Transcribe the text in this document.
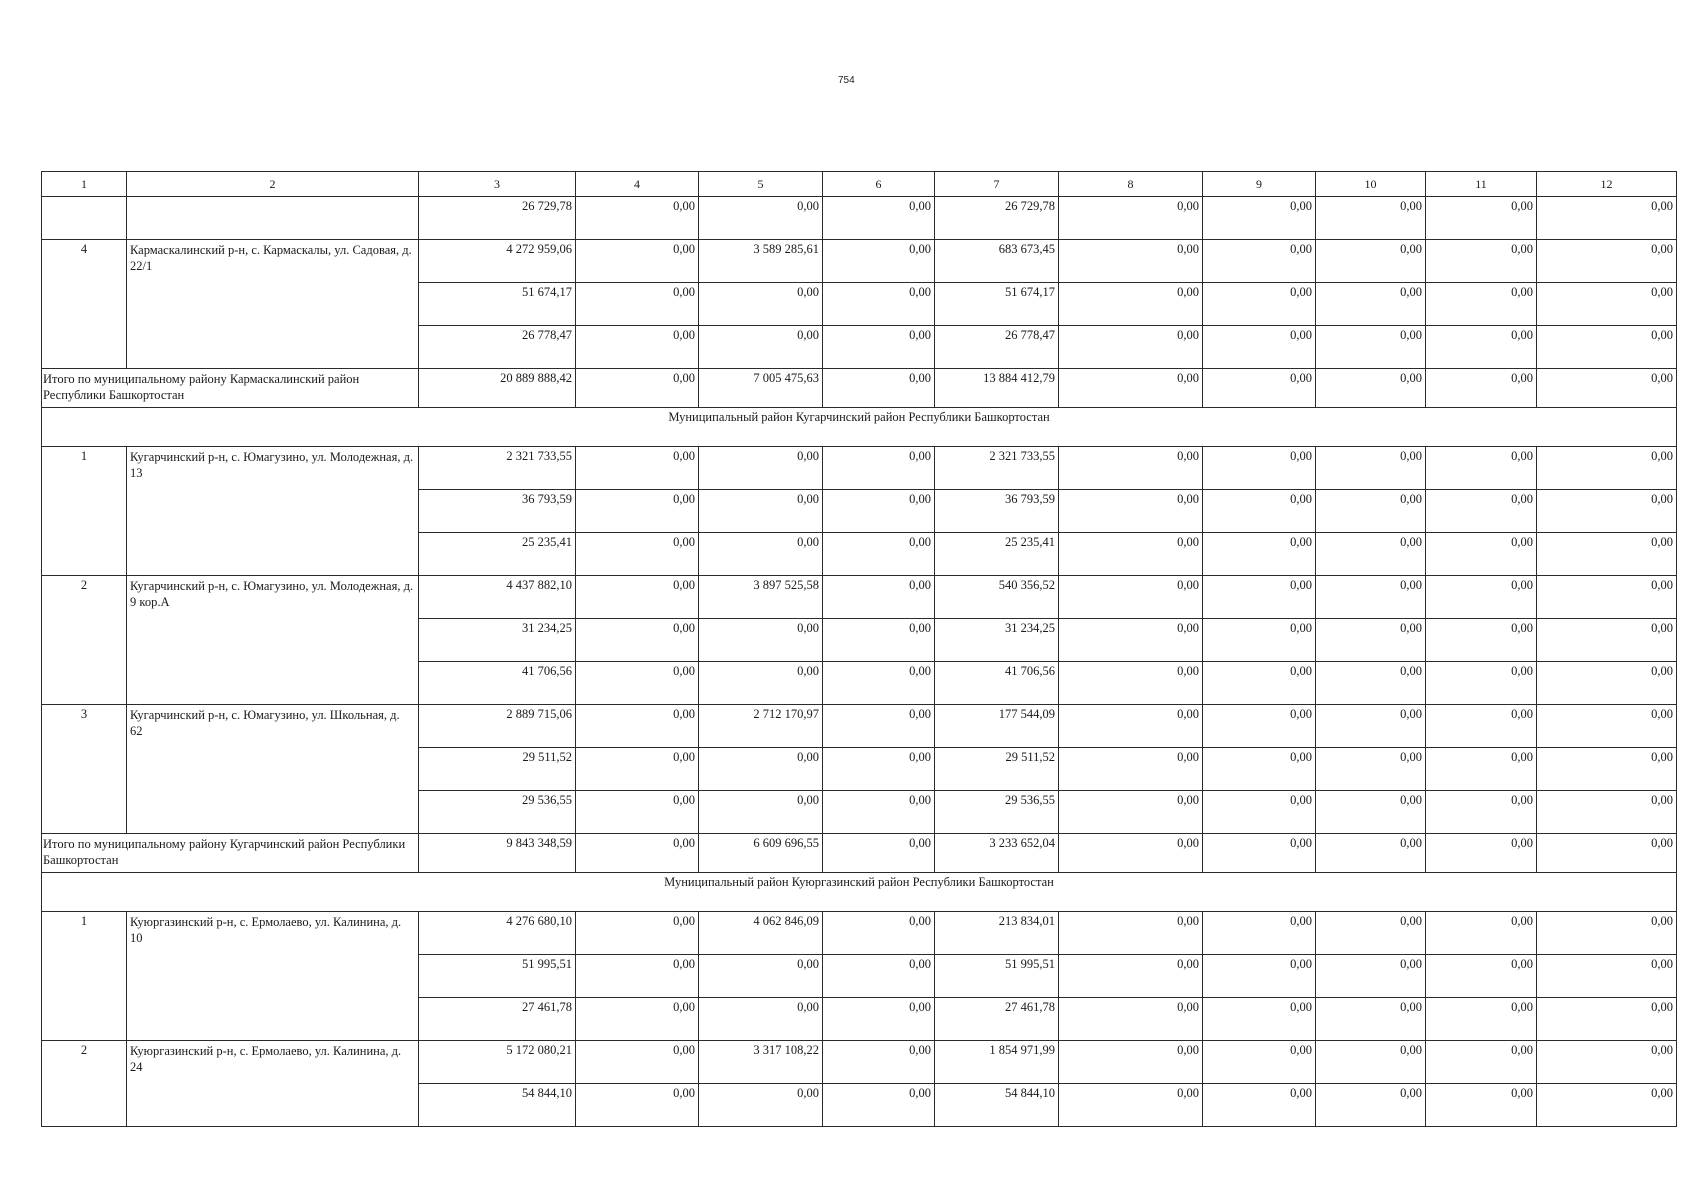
754
1	2	3	4	5	6	7	8	9	10	11	12
		26 729,78	0,00	0,00	0,00	26 729,78	0,00	0,00	0,00	0,00	0,00
4	Кармаскалинский р-н, с. Кармаскалы, ул. Садовая, д. 22/1	4 272 959,06	0,00	3 589 285,61	0,00	683 673,45	0,00	0,00	0,00	0,00	0,00
		51 674,17	0,00	0,00	0,00	51 674,17	0,00	0,00	0,00	0,00	0,00
		26 778,47	0,00	0,00	0,00	26 778,47	0,00	0,00	0,00	0,00	0,00
Итого по муниципальному району Кармаскалинский район Республики Башкортостан		20 889 888,42	0,00	7 005 475,63	0,00	13 884 412,79	0,00	0,00	0,00	0,00	0,00
Муниципальный район Кугарчинский район Республики Башкортостан											
1	Кугарчинский р-н, с. Юмагузино, ул. Молодежная, д. 13	2 321 733,55	0,00	0,00	0,00	2 321 733,55	0,00	0,00	0,00	0,00	0,00
		36 793,59	0,00	0,00	0,00	36 793,59	0,00	0,00	0,00	0,00	0,00
		25 235,41	0,00	0,00	0,00	25 235,41	0,00	0,00	0,00	0,00	0,00
2	Кугарчинский р-н, с. Юмагузино, ул. Молодежная, д. 9 кор.А	4 437 882,10	0,00	3 897 525,58	0,00	540 356,52	0,00	0,00	0,00	0,00	0,00
		31 234,25	0,00	0,00	0,00	31 234,25	0,00	0,00	0,00	0,00	0,00
		41 706,56	0,00	0,00	0,00	41 706,56	0,00	0,00	0,00	0,00	0,00
3	Кугарчинский р-н, с. Юмагузино, ул. Школьная, д. 62	2 889 715,06	0,00	2 712 170,97	0,00	177 544,09	0,00	0,00	0,00	0,00	0,00
		29 511,52	0,00	0,00	0,00	29 511,52	0,00	0,00	0,00	0,00	0,00
		29 536,55	0,00	0,00	0,00	29 536,55	0,00	0,00	0,00	0,00	0,00
Итого по муниципальному району Кугарчинский район Республики Башкортостан		9 843 348,59	0,00	6 609 696,55	0,00	3 233 652,04	0,00	0,00	0,00	0,00	0,00
Муниципальный район Куюргазинский район Республики Башкортостан											
1	Куюргазинский р-н, с. Ермолаево, ул. Калинина, д. 10	4 276 680,10	0,00	4 062 846,09	0,00	213 834,01	0,00	0,00	0,00	0,00	0,00
		51 995,51	0,00	0,00	0,00	51 995,51	0,00	0,00	0,00	0,00	0,00
		27 461,78	0,00	0,00	0,00	27 461,78	0,00	0,00	0,00	0,00	0,00
2	Куюргазинский р-н, с. Ермолаево, ул. Калинина, д. 24	5 172 080,21	0,00	3 317 108,22	0,00	1 854 971,99	0,00	0,00	0,00	0,00	0,00
		54 844,10	0,00	0,00	0,00	54 844,10	0,00	0,00	0,00	0,00	0,00
